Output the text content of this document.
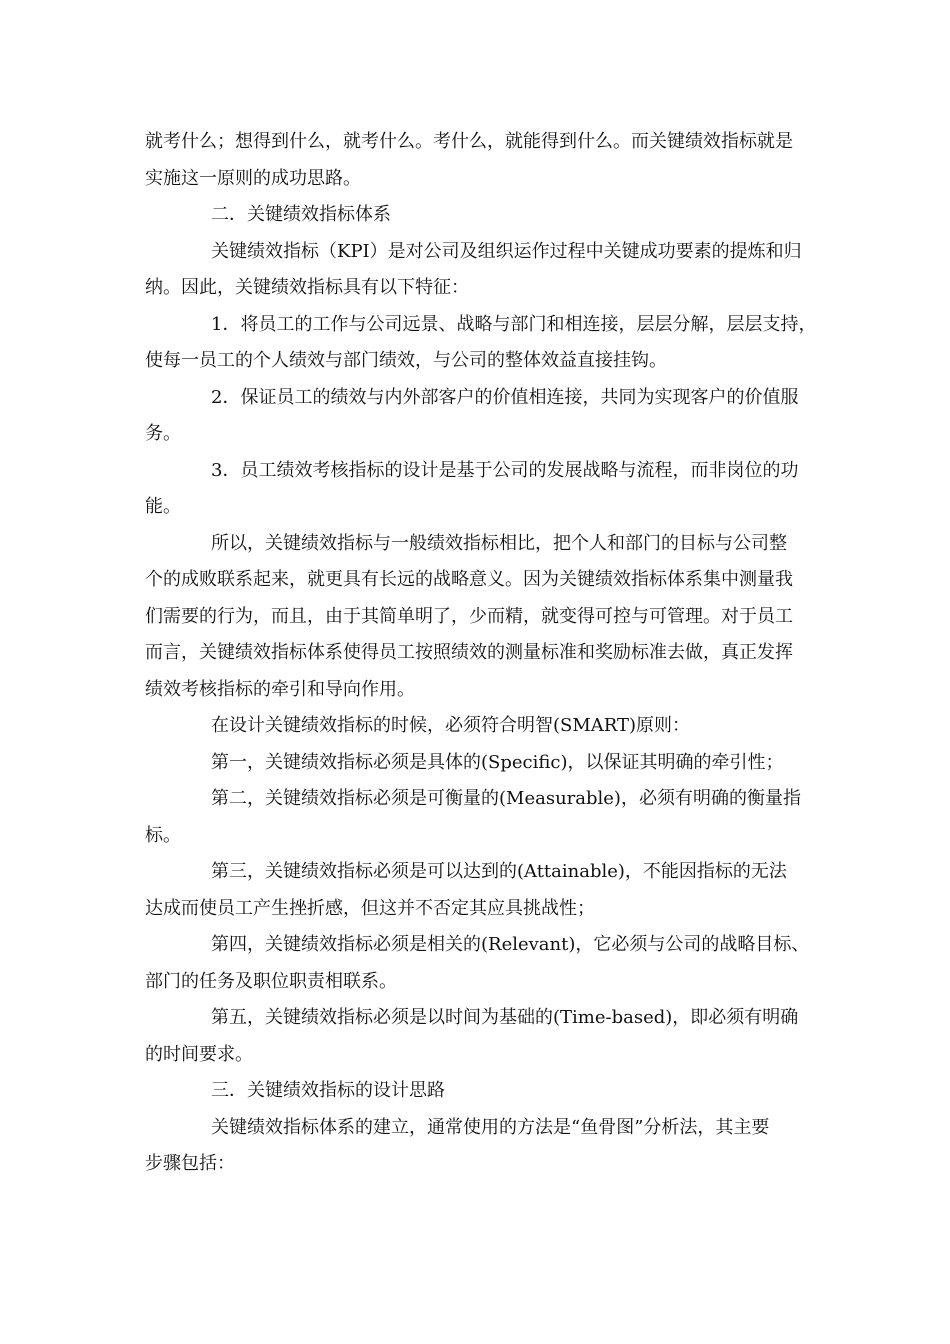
就考什么；想得到什么，就考什么。考什么，就能得到什么。而关键绩效指标就是
实施这一原则的成功思路。
二．关键绩效指标体系
关键绩效指标（KPI）是对公司及组织运作过程中关键成功要素的提炼和归
纳。因此，关键绩效指标具有以下特征：
1．将员工的工作与公司远景、战略与部门和相连接，层层分解，层层支持，
使每一员工的个人绩效与部门绩效，与公司的整体效益直接挂钩。
2．保证员工的绩效与内外部客户的价值相连接，共同为实现客户的价值服
务。
3．员工绩效考核指标的设计是基于公司的发展战略与流程，而非岗位的功
能。
所以，关键绩效指标与一般绩效指标相比，把个人和部门的目标与公司整
个的成败联系起来，就更具有长远的战略意义。因为关键绩效指标体系集中测量我
们需要的行为，而且，由于其简单明了，少而精，就变得可控与可管理。对于员工
而言，关键绩效指标体系使得员工按照绩效的测量标准和奖励标准去做，真正发挥
绩效考核指标的牵引和导向作用。
在设计关键绩效指标的时候，必须符合明智(SMART)原则：
第一，关键绩效指标必须是具体的(Specific)，以保证其明确的牵引性；
第二，关键绩效指标必须是可衡量的(Measurable)，必须有明确的衡量指
标。
第三，关键绩效指标必须是可以达到的(Attainable)，不能因指标的无法
达成而使员工产生挫折感，但这并不否定其应具挑战性；
第四，关键绩效指标必须是相关的(Relevant)，它必须与公司的战略目标、
部门的任务及职位职责相联系。
第五，关键绩效指标必须是以时间为基础的(Time-based)，即必须有明确
的时间要求。
三．关键绩效指标的设计思路
关键绩效指标体系的建立，通常使用的方法是“鱼骨图”分析法，其主要
步骤包括：
